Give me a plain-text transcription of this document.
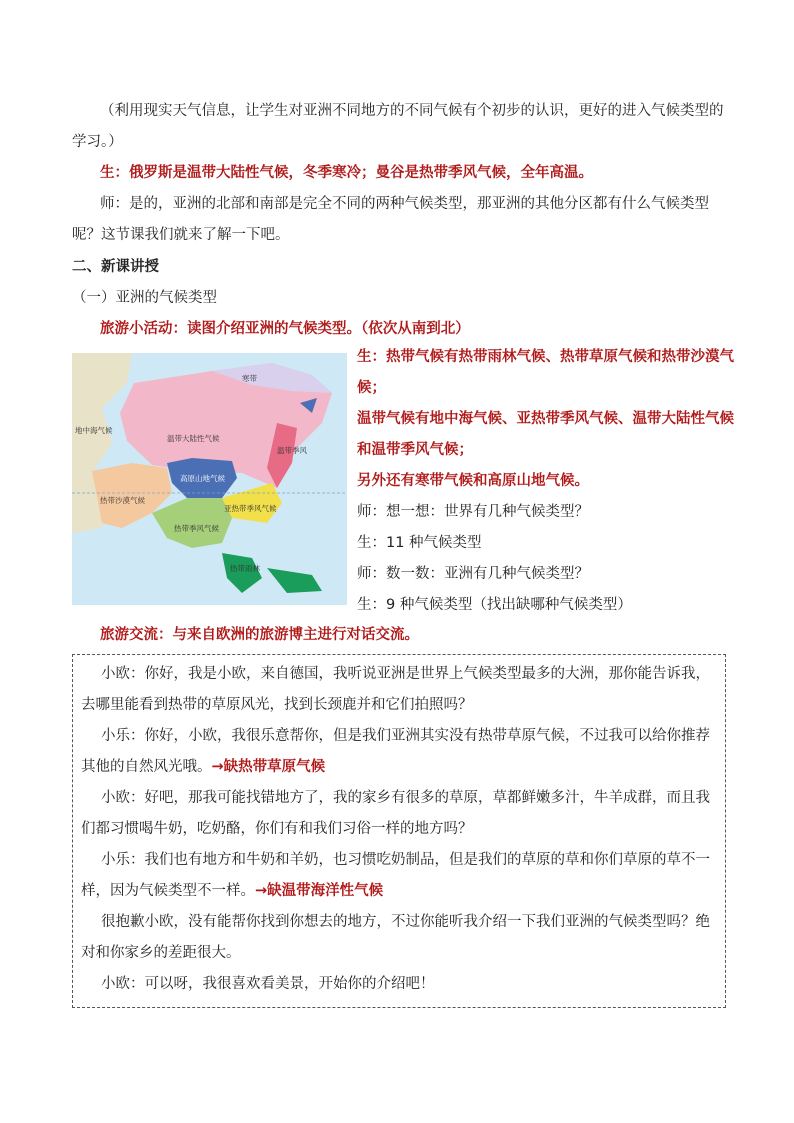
（利用现实天气信息，让学生对亚洲不同地方的不同气候有个初步的认识，更好的进入气候类型的学习。）

生：俄罗斯是温带大陆性气候，冬季寒冷；曼谷是热带季风气候，全年高温。

师：是的，亚洲的北部和南部是完全不同的两种气候类型，那亚洲的其他分区都有什么气候类型呢？这节课我们就来了解一下吧。

二、新课讲授

（一）亚洲的气候类型

旅游小活动：读图介绍亚洲的气候类型。（依次从南到北）

温带大陆性气候
高原山地气候
热带沙漠气候
热带季风气候
亚热带季风气候
寒带
温带季风
地中海气候
热带雨林

生：热带气候有热带雨林气候、热带草原气候和热带沙漠气候；

温带气候有地中海气候、亚热带季风气候、温带大陆性气候和温带季风气候；

另外还有寒带气候和高原山地气候。

师：想一想：世界有几种气候类型？

生：11 种气候类型

师：数一数：亚洲有几种气候类型？

生：9 种气候类型（找出缺哪种气候类型）

旅游交流：与来自欧洲的旅游博主进行对话交流。

小欧：你好，我是小欧，来自德国，我听说亚洲是世界上气候类型最多的大洲，那你能告诉我，去哪里能看到热带的草原风光，找到长颈鹿并和它们拍照吗？

小乐：你好，小欧，我很乐意帮你，但是我们亚洲其实没有热带草原气候，不过我可以给你推荐其他的自然风光哦。→缺热带草原气候

小欧：好吧，那我可能找错地方了，我的家乡有很多的草原，草都鲜嫩多汁，牛羊成群，而且我们都习惯喝牛奶，吃奶酪，你们有和我们习俗一样的地方吗？

小乐：我们也有地方和牛奶和羊奶，也习惯吃奶制品，但是我们的草原的草和你们草原的草不一样，因为气候类型不一样。→缺温带海洋性气候

很抱歉小欧，没有能帮你找到你想去的地方，不过你能听我介绍一下我们亚洲的气候类型吗？绝对和你家乡的差距很大。

小欧：可以呀，我很喜欢看美景，开始你的介绍吧！
